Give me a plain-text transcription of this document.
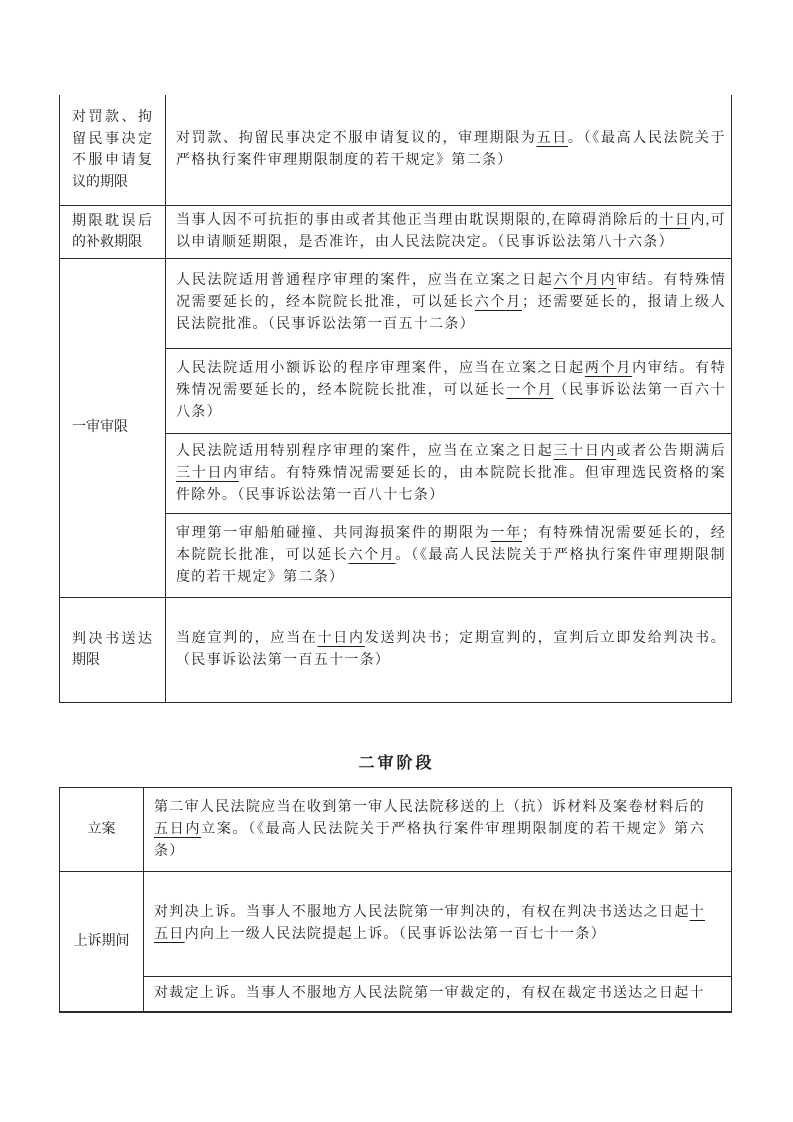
对罚款、拘留民事决定不服申请复议的期限
对罚款、拘留民事决定不服申请复议的，审理期限为五日。（《最高人民法院关于严格执行案件审理期限制度的若干规定》第二条）
期限耽误后的补救期限
当事人因不可抗拒的事由或者其他正当理由耽误期限的,在障碍消除后的十日内,可以申请顺延期限，是否准许，由人民法院决定。（民事诉讼法第八十六条）
一审审限
人民法院适用普通程序审理的案件，应当在立案之日起六个月内审结。有特殊情况需要延长的，经本院院长批准，可以延长六个月；还需要延长的，报请上级人民法院批准。（民事诉讼法第一百五十二条）
人民法院适用小额诉讼的程序审理案件，应当在立案之日起两个月内审结。有特殊情况需要延长的，经本院院长批准，可以延长一个月（民事诉讼法第一百六十八条）
人民法院适用特别程序审理的案件，应当在立案之日起三十日内或者公告期满后三十日内审结。有特殊情况需要延长的，由本院院长批准。但审理选民资格的案件除外。（民事诉讼法第一百八十七条）
审理第一审船舶碰撞、共同海损案件的期限为一年；有特殊情况需要延长的，经本院院长批准，可以延长六个月。（《最高人民法院关于严格执行案件审理期限制度的若干规定》第二条）
判决书送达期限
当庭宣判的，应当在十日内发送判决书；定期宣判的，宣判后立即发给判决书。（民事诉讼法第一百五十一条）
二审阶段
立案
第二审人民法院应当在收到第一审人民法院移送的上（抗）诉材料及案卷材料后的五日内立案。（《最高人民法院关于严格执行案件审理期限制度的若干规定》第六条）
上诉期间
对判决上诉。当事人不服地方人民法院第一审判决的，有权在判决书送达之日起十五日内向上一级人民法院提起上诉。（民事诉讼法第一百七十一条）
对裁定上诉。当事人不服地方人民法院第一审裁定的，有权在裁定书送达之日起十
